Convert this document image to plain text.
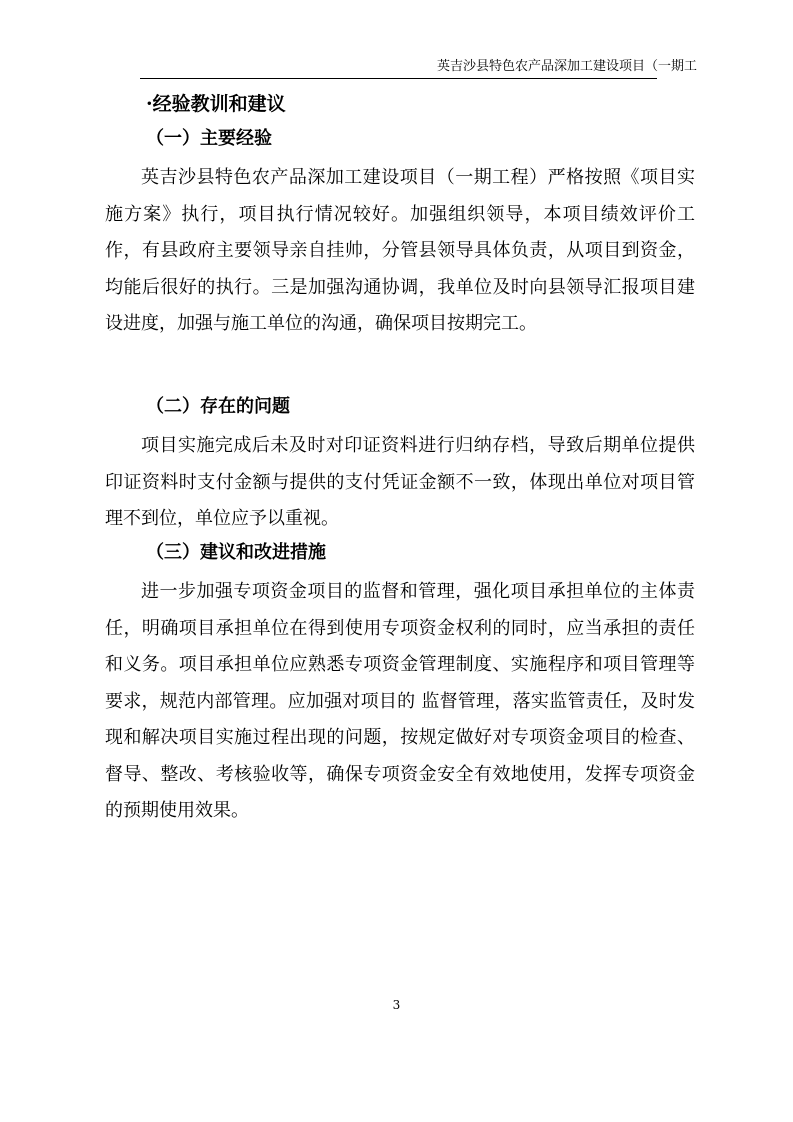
英吉沙县特色农产品深加工建设项目（一期工
·经验教训和建议
（一）主要经验

英吉沙县特色农产品深加工建设项目（一期工程）严格按照《项目实施方案》执行，项目执行情况较好。加强组织领导，本项目绩效评价工作，有县政府主要领导亲自挂帅，分管县领导具体负责，从项目到资金，均能后很好的执行。三是加强沟通协调，我单位及时向县领导汇报项目建设进度，加强与施工单位的沟通，确保项目按期完工。

（二）存在的问题

项目实施完成后未及时对印证资料进行归纳存档，导致后期单位提供印证资料时支付金额与提供的支付凭证金额不一致，体现出单位对项目管理不到位，单位应予以重视。

（三）建议和改进措施

进一步加强专项资金项目的监督和管理，强化项目承担单位的主体责任，明确项目承担单位在得到使用专项资金权利的同时，应当承担的责任和义务。项目承担单位应熟悉专项资金管理制度、实施程序和项目管理等要求，规范内部管理。应加强对项目的 监督管理，落实监管责任，及时发现和解决项目实施过程出现的问题，按规定做好对专项资金项目的检查、督导、整改、考核验收等，确保专项资金安全有效地使用，发挥专项资金的预期使用效果。

3
